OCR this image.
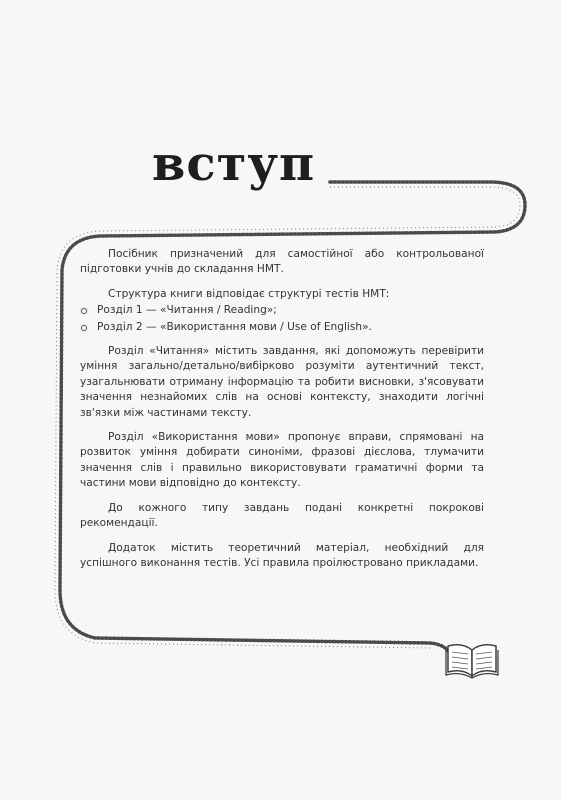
вступ

Посібник призначений для самостійної або контрольованої підготовки учнів до складання НМТ.

Структура книги відповідає структурі тестів НМТ:

Розділ 1 — «Читання / Reading»;
Розділ 2 — «Використання мови / Use of English».

Розділ «Читання» містить завдання, які допоможуть перевірити уміння загально/детально/вибірково розуміти аутентичний текст, узагальнювати отриману інформацію та робити висновки, з'ясовувати значення незнайомих слів на основі контексту, знаходити логічні зв'язки між частинами тексту.

Розділ «Використання мови» пропонує вправи, спрямовані на розвиток уміння добирати синоніми, фразові дієслова, тлумачити значення слів і правильно використовувати граматичні форми та частини мови відповідно до контексту.

До кожного типу завдань подані конкретні покрокові рекомендації.

Додаток містить теоретичний матеріал, необхідний для успішного виконання тестів. Усі правила проілюстровано прикладами.
